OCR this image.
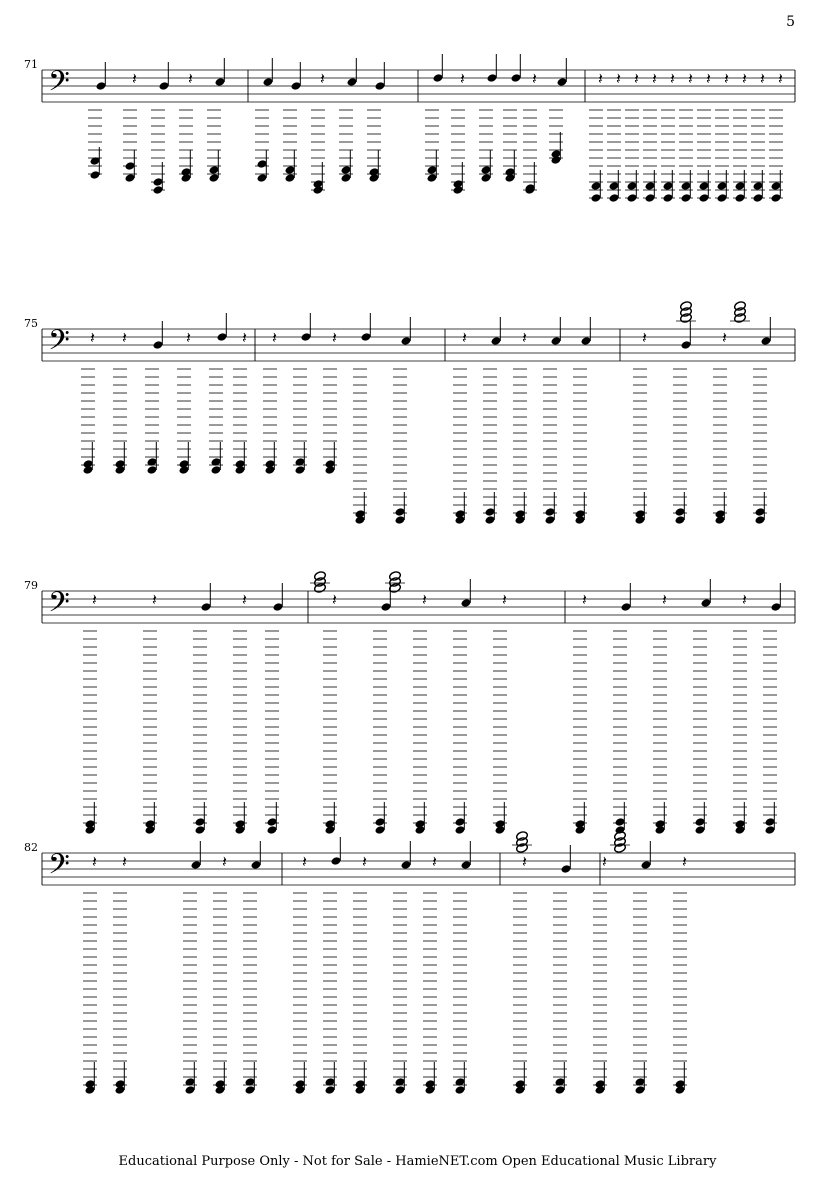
5
71
75
79
82
𝄢
𝄢
𝄢
𝄢
𝄽	𝄽	𝄽	𝄽	𝄽	𝄽 𝄽 𝄽 𝄽 𝄽 𝄽 𝄽 𝄽 𝄽 𝄽 𝄽
𝄽 𝄽	𝄽	𝄽 𝄽	𝄽	𝄽	𝄽	𝄽	𝄽
𝄽	𝄽	𝄽	𝄽	𝄽	𝄽	𝄽	𝄽	𝄽
𝄽 𝄽	𝄽	𝄽	𝄽	𝄽	𝄽	𝄽	𝄽
Educational Purpose Only - Not for Sale - HamieNET.com Open Educational Music Library
